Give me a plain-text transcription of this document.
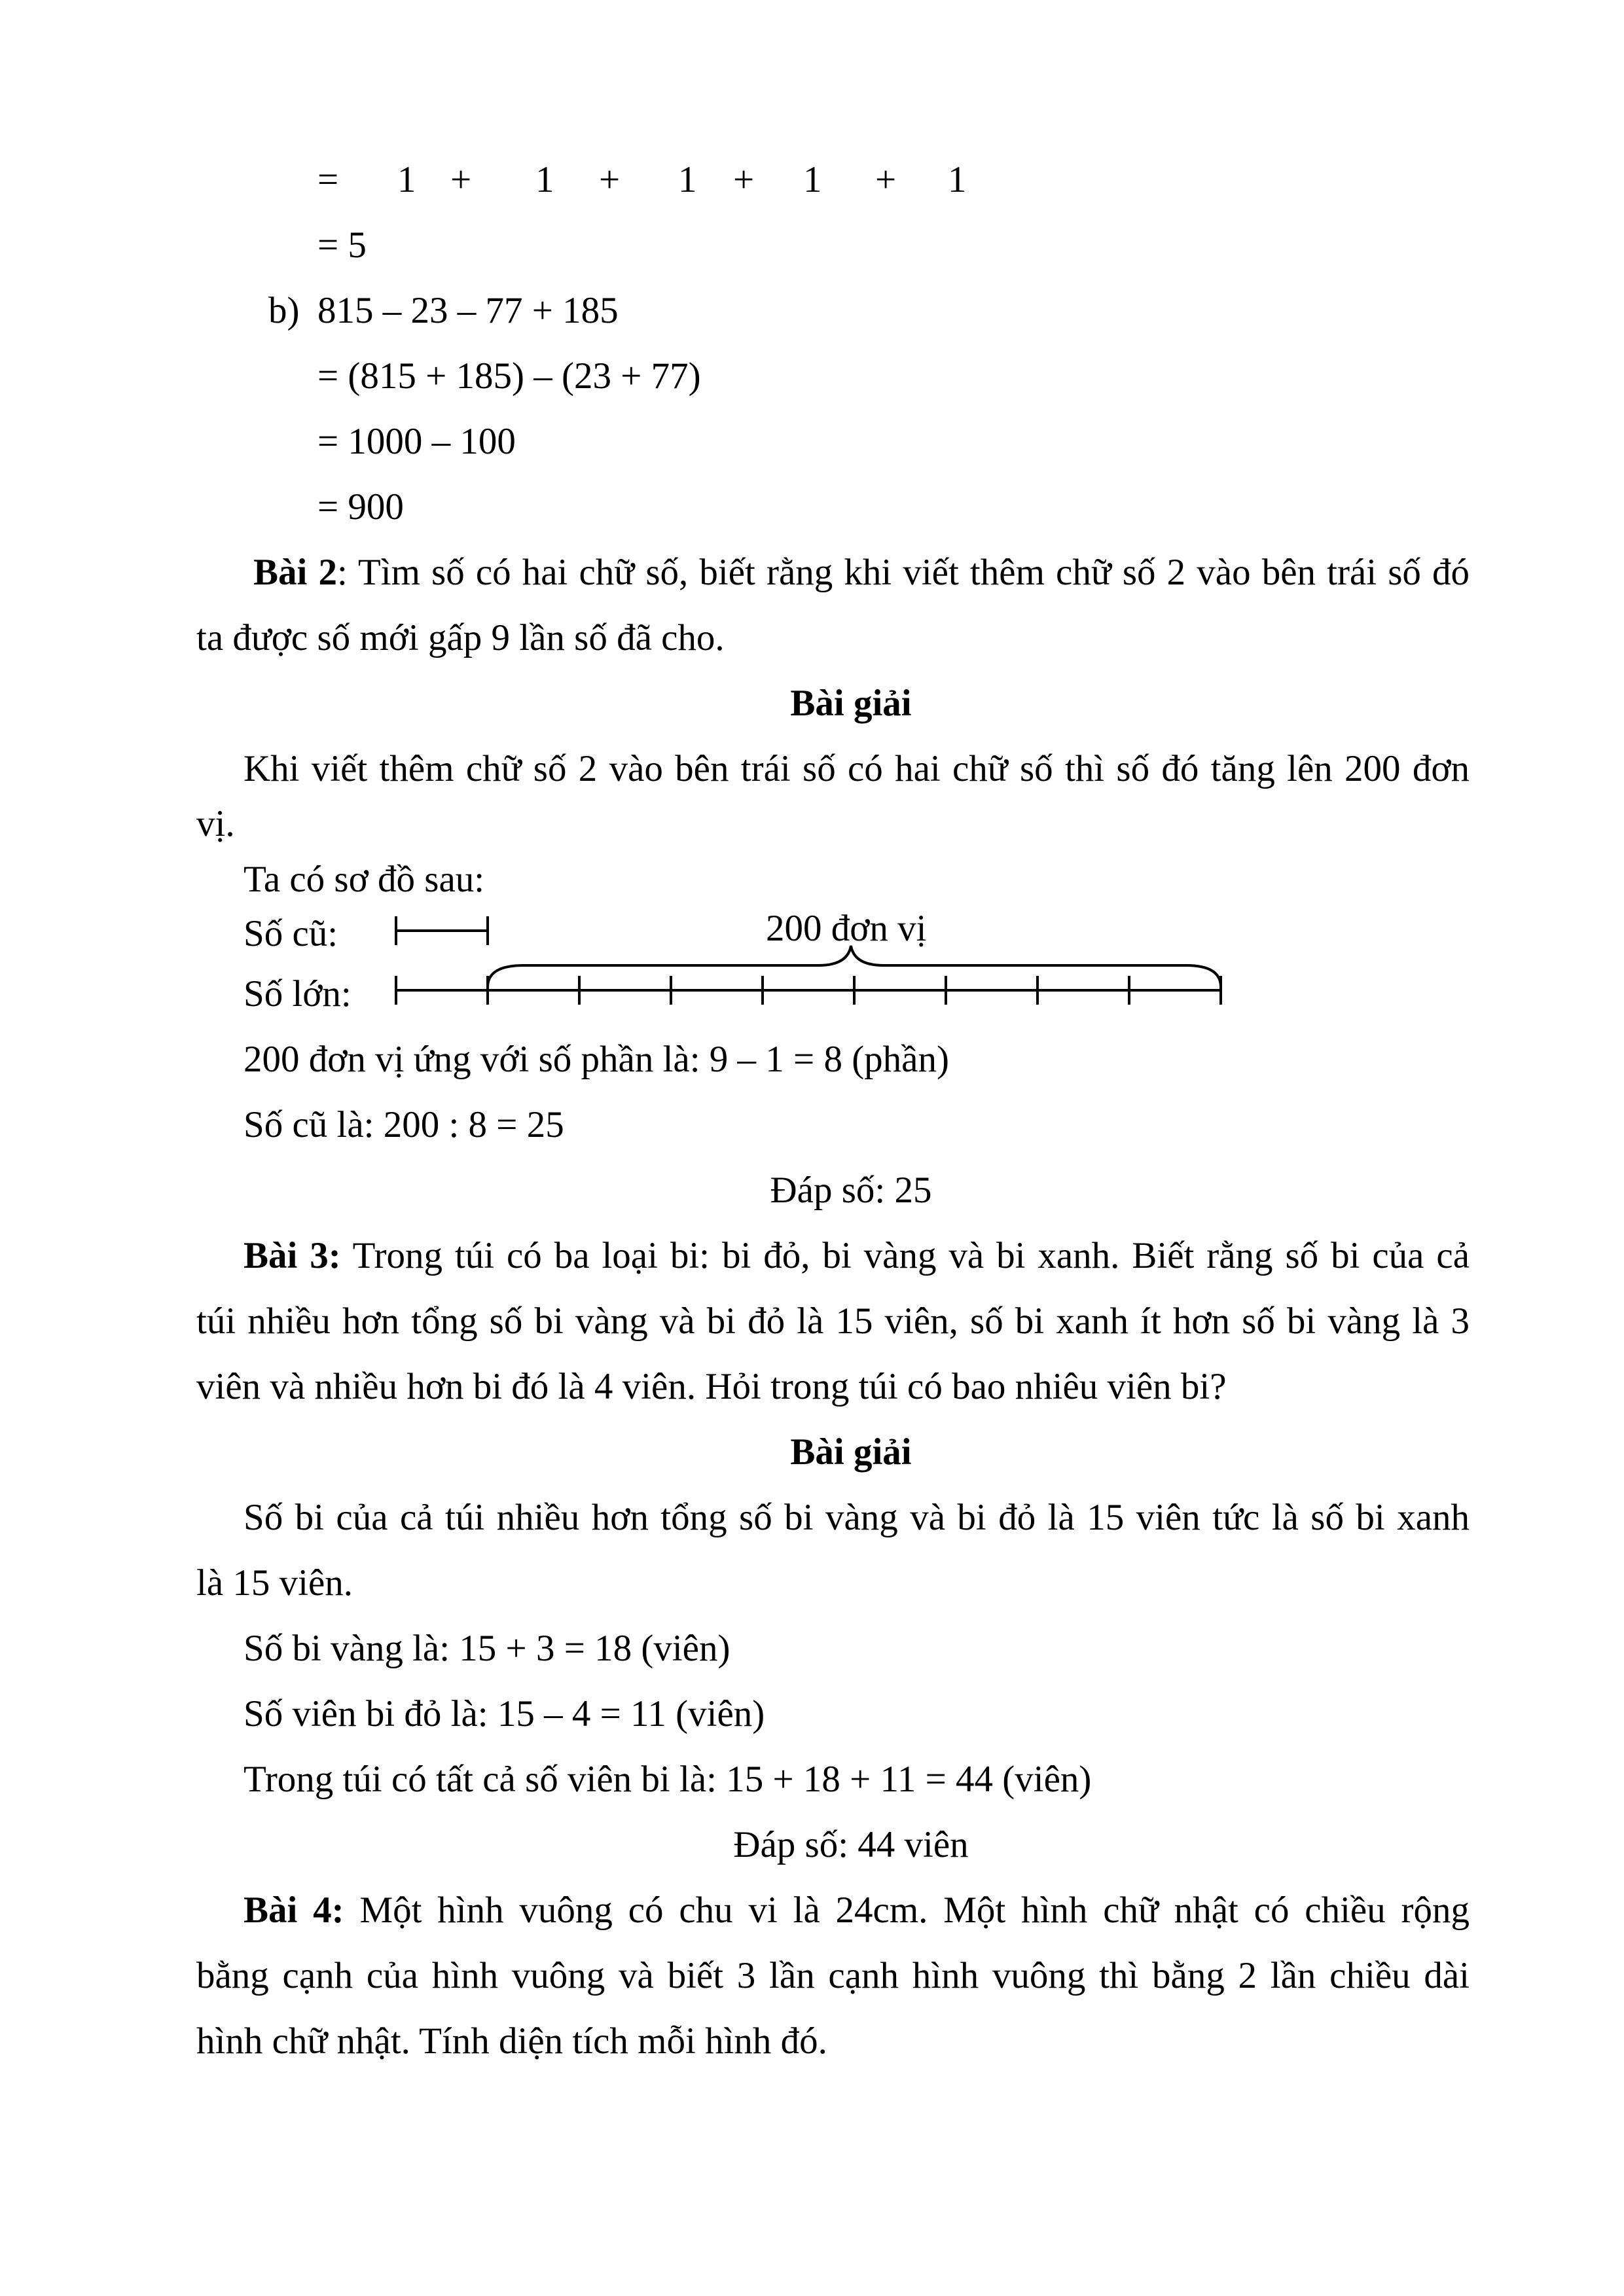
= 1 + 1 + 1 + 1 + 1
= 5
b) 815 – 23 – 77 + 185
= (815 + 185) – (23 + 77)
= 1000 – 100
= 900
Bài 2: Tìm số có hai chữ số, biết rằng khi viết thêm chữ số 2 vào bên trái số đó
ta được số mới gấp 9 lần số đã cho.
Bài giải
Khi viết thêm chữ số 2 vào bên trái số có hai chữ số thì số đó tăng lên 200 đơn
vị.
Ta có sơ đồ sau:
Số cũ:	200 đơn vị
Số lớn:
200 đơn vị ứng với số phần là: 9 – 1 = 8 (phần)
Số cũ là: 200 : 8 = 25
Đáp số: 25
Bài 3: Trong túi có ba loại bi: bi đỏ, bi vàng và bi xanh. Biết rằng số bi của cả
túi nhiều hơn tổng số bi vàng và bi đỏ là 15 viên, số bi xanh ít hơn số bi vàng là 3
viên và nhiều hơn bi đó là 4 viên. Hỏi trong túi có bao nhiêu viên bi?
Bài giải
Số bi của cả túi nhiều hơn tổng số bi vàng và bi đỏ là 15 viên tức là số bi xanh
là 15 viên.
Số bi vàng là: 15 + 3 = 18 (viên)
Số viên bi đỏ là: 15 – 4 = 11 (viên)
Trong túi có tất cả số viên bi là: 15 + 18 + 11 = 44 (viên)
Đáp số: 44 viên
Bài 4: Một hình vuông có chu vi là 24cm. Một hình chữ nhật có chiều rộng
bằng cạnh của hình vuông và biết 3 lần cạnh hình vuông thì bằng 2 lần chiều dài
hình chữ nhật. Tính diện tích mỗi hình đó.
